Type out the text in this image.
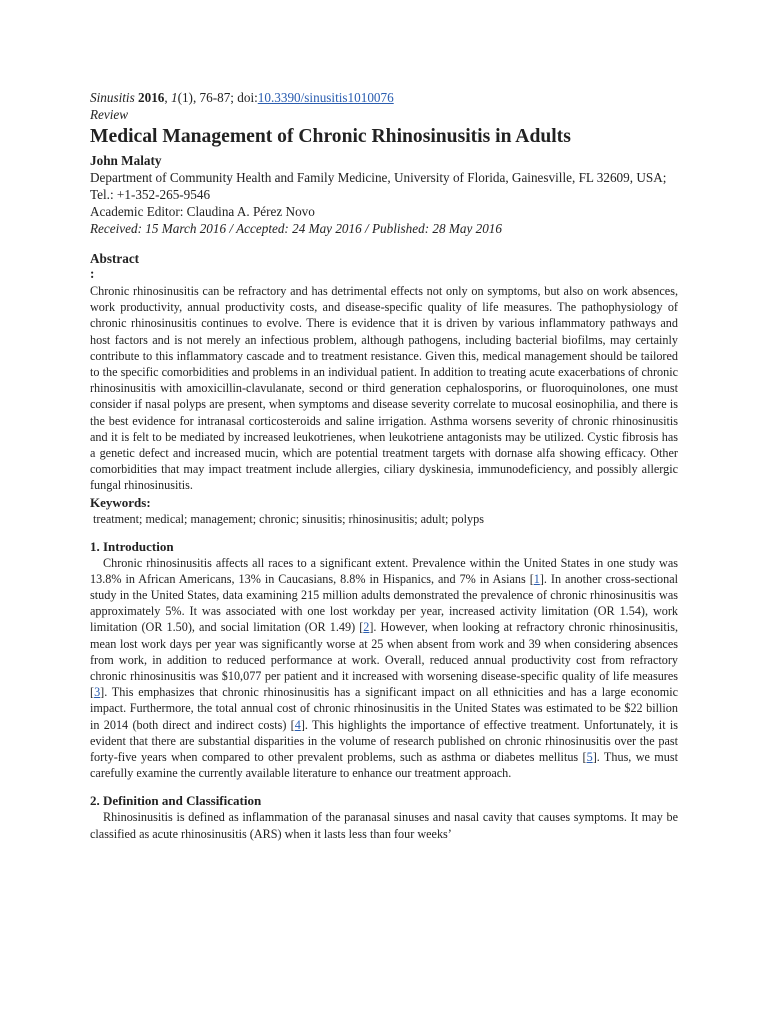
Sinusitis 2016, 1(1), 76-87; doi:10.3390/sinusitis1010076

Review

Medical Management of Chronic Rhinosinusitis in Adults

John Malaty

Department of Community Health and Family Medicine, University of Florida, Gainesville, FL 32609, USA; Tel.: +1-352-265-9546

Academic Editor: Claudina A. Pérez Novo

Received: 15 March 2016 / Accepted: 24 May 2016 / Published: 28 May 2016

Abstract

:

Chronic rhinosinusitis can be refractory and has detrimental effects not only on symptoms, but also on work absences, work productivity, annual productivity costs, and disease-specific quality of life measures. The pathophysiology of chronic rhinosinusitis continues to evolve. There is evidence that it is driven by various inflammatory pathways and host factors and is not merely an infectious problem, although pathogens, including bacterial biofilms, may certainly contribute to this inflammatory cascade and to treatment resistance. Given this, medical management should be tailored to the specific comorbidities and problems in an individual patient. In addition to treating acute exacerbations of chronic rhinosinusitis with amoxicillin-clavulanate, second or third generation cephalosporins, or fluoroquinolones, one must consider if nasal polyps are present, when symptoms and disease severity correlate to mucosal eosinophilia, and there is the best evidence for intranasal corticosteroids and saline irrigation. Asthma worsens severity of chronic rhinosinusitis and it is felt to be mediated by increased leukotrienes, when leukotriene antagonists may be utilized. Cystic fibrosis has a genetic defect and increased mucin, which are potential treatment targets with dornase alfa showing efficacy. Other comorbidities that may impact treatment include allergies, ciliary dyskinesia, immunodeficiency, and possibly allergic fungal rhinosinusitis.

Keywords:

treatment; medical; management; chronic; sinusitis; rhinosinusitis; adult; polyps

1. Introduction

Chronic rhinosinusitis affects all races to a significant extent. Prevalence within the United States in one study was 13.8% in African Americans, 13% in Caucasians, 8.8% in Hispanics, and 7% in Asians [1]. In another cross-sectional study in the United States, data examining 215 million adults demonstrated the prevalence of chronic rhinosinusitis was approximately 5%. It was associated with one lost workday per year, increased activity limitation (OR 1.54), work limitation (OR 1.50), and social limitation (OR 1.49) [2]. However, when looking at refractory chronic rhinosinusitis, mean lost work days per year was significantly worse at 25 when absent from work and 39 when considering absences from work, in addition to reduced performance at work. Overall, reduced annual productivity cost from refractory chronic rhinosinusitis was $10,077 per patient and it increased with worsening disease-specific quality of life measures [3]. This emphasizes that chronic rhinosinusitis has a significant impact on all ethnicities and has a large economic impact. Furthermore, the total annual cost of chronic rhinosinusitis in the United States was estimated to be $22 billion in 2014 (both direct and indirect costs) [4]. This highlights the importance of effective treatment. Unfortunately, it is evident that there are substantial disparities in the volume of research published on chronic rhinosinusitis over the past forty-five years when compared to other prevalent problems, such as asthma or diabetes mellitus [5]. Thus, we must carefully examine the currently available literature to enhance our treatment approach.

2. Definition and Classification

Rhinosinusitis is defined as inflammation of the paranasal sinuses and nasal cavity that causes symptoms. It may be classified as acute rhinosinusitis (ARS) when it lasts less than four weeks’
